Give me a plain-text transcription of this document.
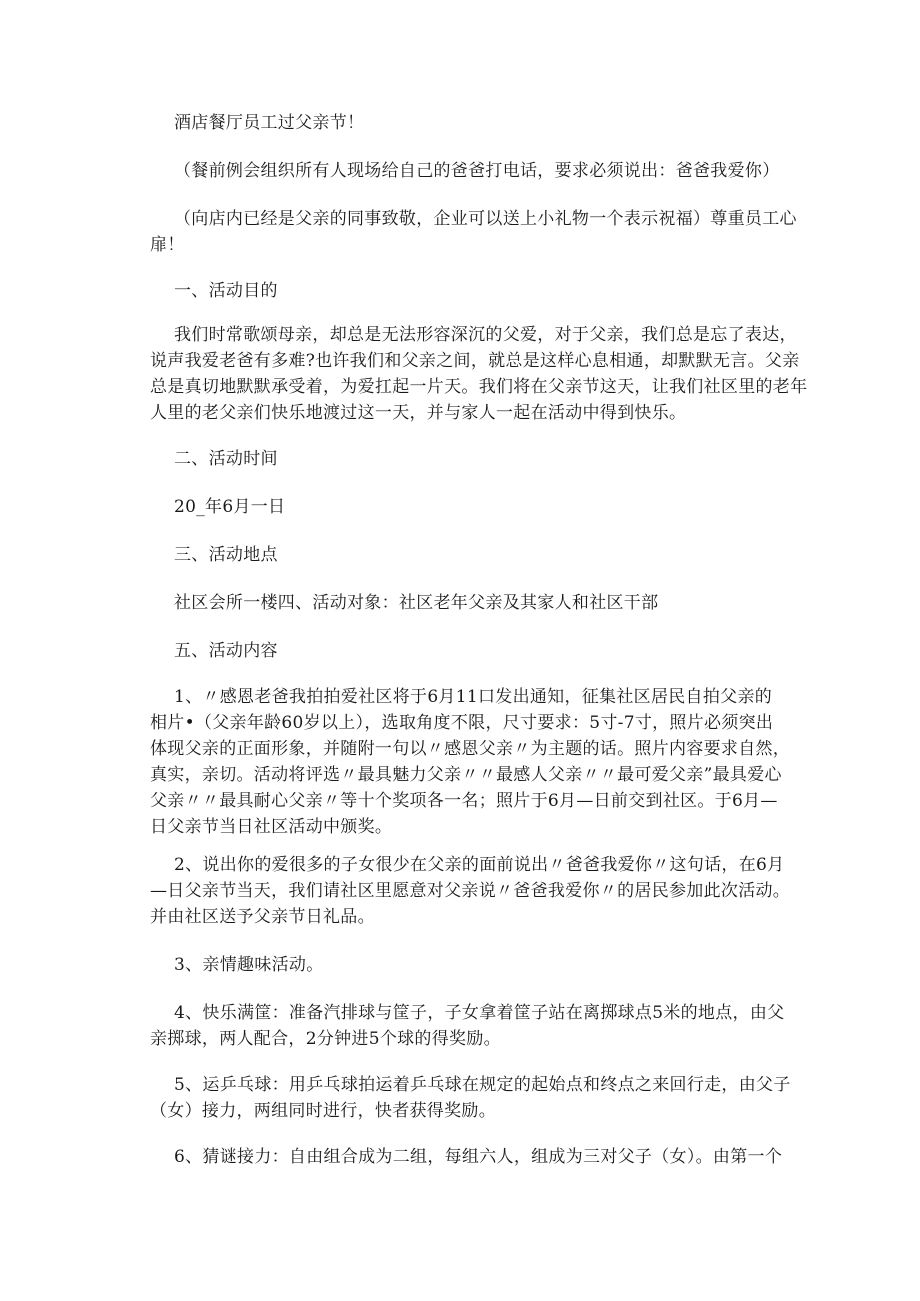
酒店餐厅员工过父亲节！

（餐前例会组织所有人现场给自己的爸爸打电话，要求必须说出：爸爸我爱你）

（向店内已经是父亲的同事致敬，企业可以送上小礼物一个表示祝福）尊重员工心
扉！

一、活动目的

我们时常歌颂母亲，却总是无法形容深沉的父爱，对于父亲，我们总是忘了表达，
说声我爱老爸有多难?也许我们和父亲之间，就总是这样心息相通，却默默无言。父亲
总是真切地默默承受着，为爱扛起一片天。我们将在父亲节这天，让我们社区里的老年
人里的老父亲们快乐地渡过这一天，并与家人一起在活动中得到快乐。

二、活动时间

20_年6月一日

三、活动地点

社区会所一楼四、活动对象：社区老年父亲及其家人和社区干部

五、活动内容

1、〃感恩老爸我拍拍爱社区将于6月11口发出通知，征集社区居民自拍父亲的
相片•（父亲年龄60岁以上），选取角度不限，尺寸要求：5寸-7寸，照片必须突出
体现父亲的正面形象，并随附一句以〃感恩父亲〃为主题的话。照片内容要求自然，
真实，亲切。活动将评选〃最具魅力父亲〃〃最感人父亲〃〃最可爱父亲”最具爱心
父亲〃〃最具耐心父亲〃等十个奖项各一名；照片于6月—日前交到社区。于6月—
日父亲节当日社区活动中颁奖。
2、说出你的爱很多的子女很少在父亲的面前说出〃爸爸我爱你〃这句话，在6月
—日父亲节当天，我们请社区里愿意对父亲说〃爸爸我爱你〃的居民参加此次活动。
并由社区送予父亲节日礼品。

3、亲情趣味活动。

4、快乐满筐：准备汽排球与筐子，子女拿着筐子站在离掷球点5米的地点，由父
亲掷球，两人配合，2分钟进5个球的得奖励。
5、运乒乓球：用乒乓球拍运着乒乓球在规定的起始点和终点之来回行走，由父子
（女）接力，两组同时进行，快者获得奖励。

6、猜谜接力：自由组合成为二组，每组六人，组成为三对父子（女）。由第一个
